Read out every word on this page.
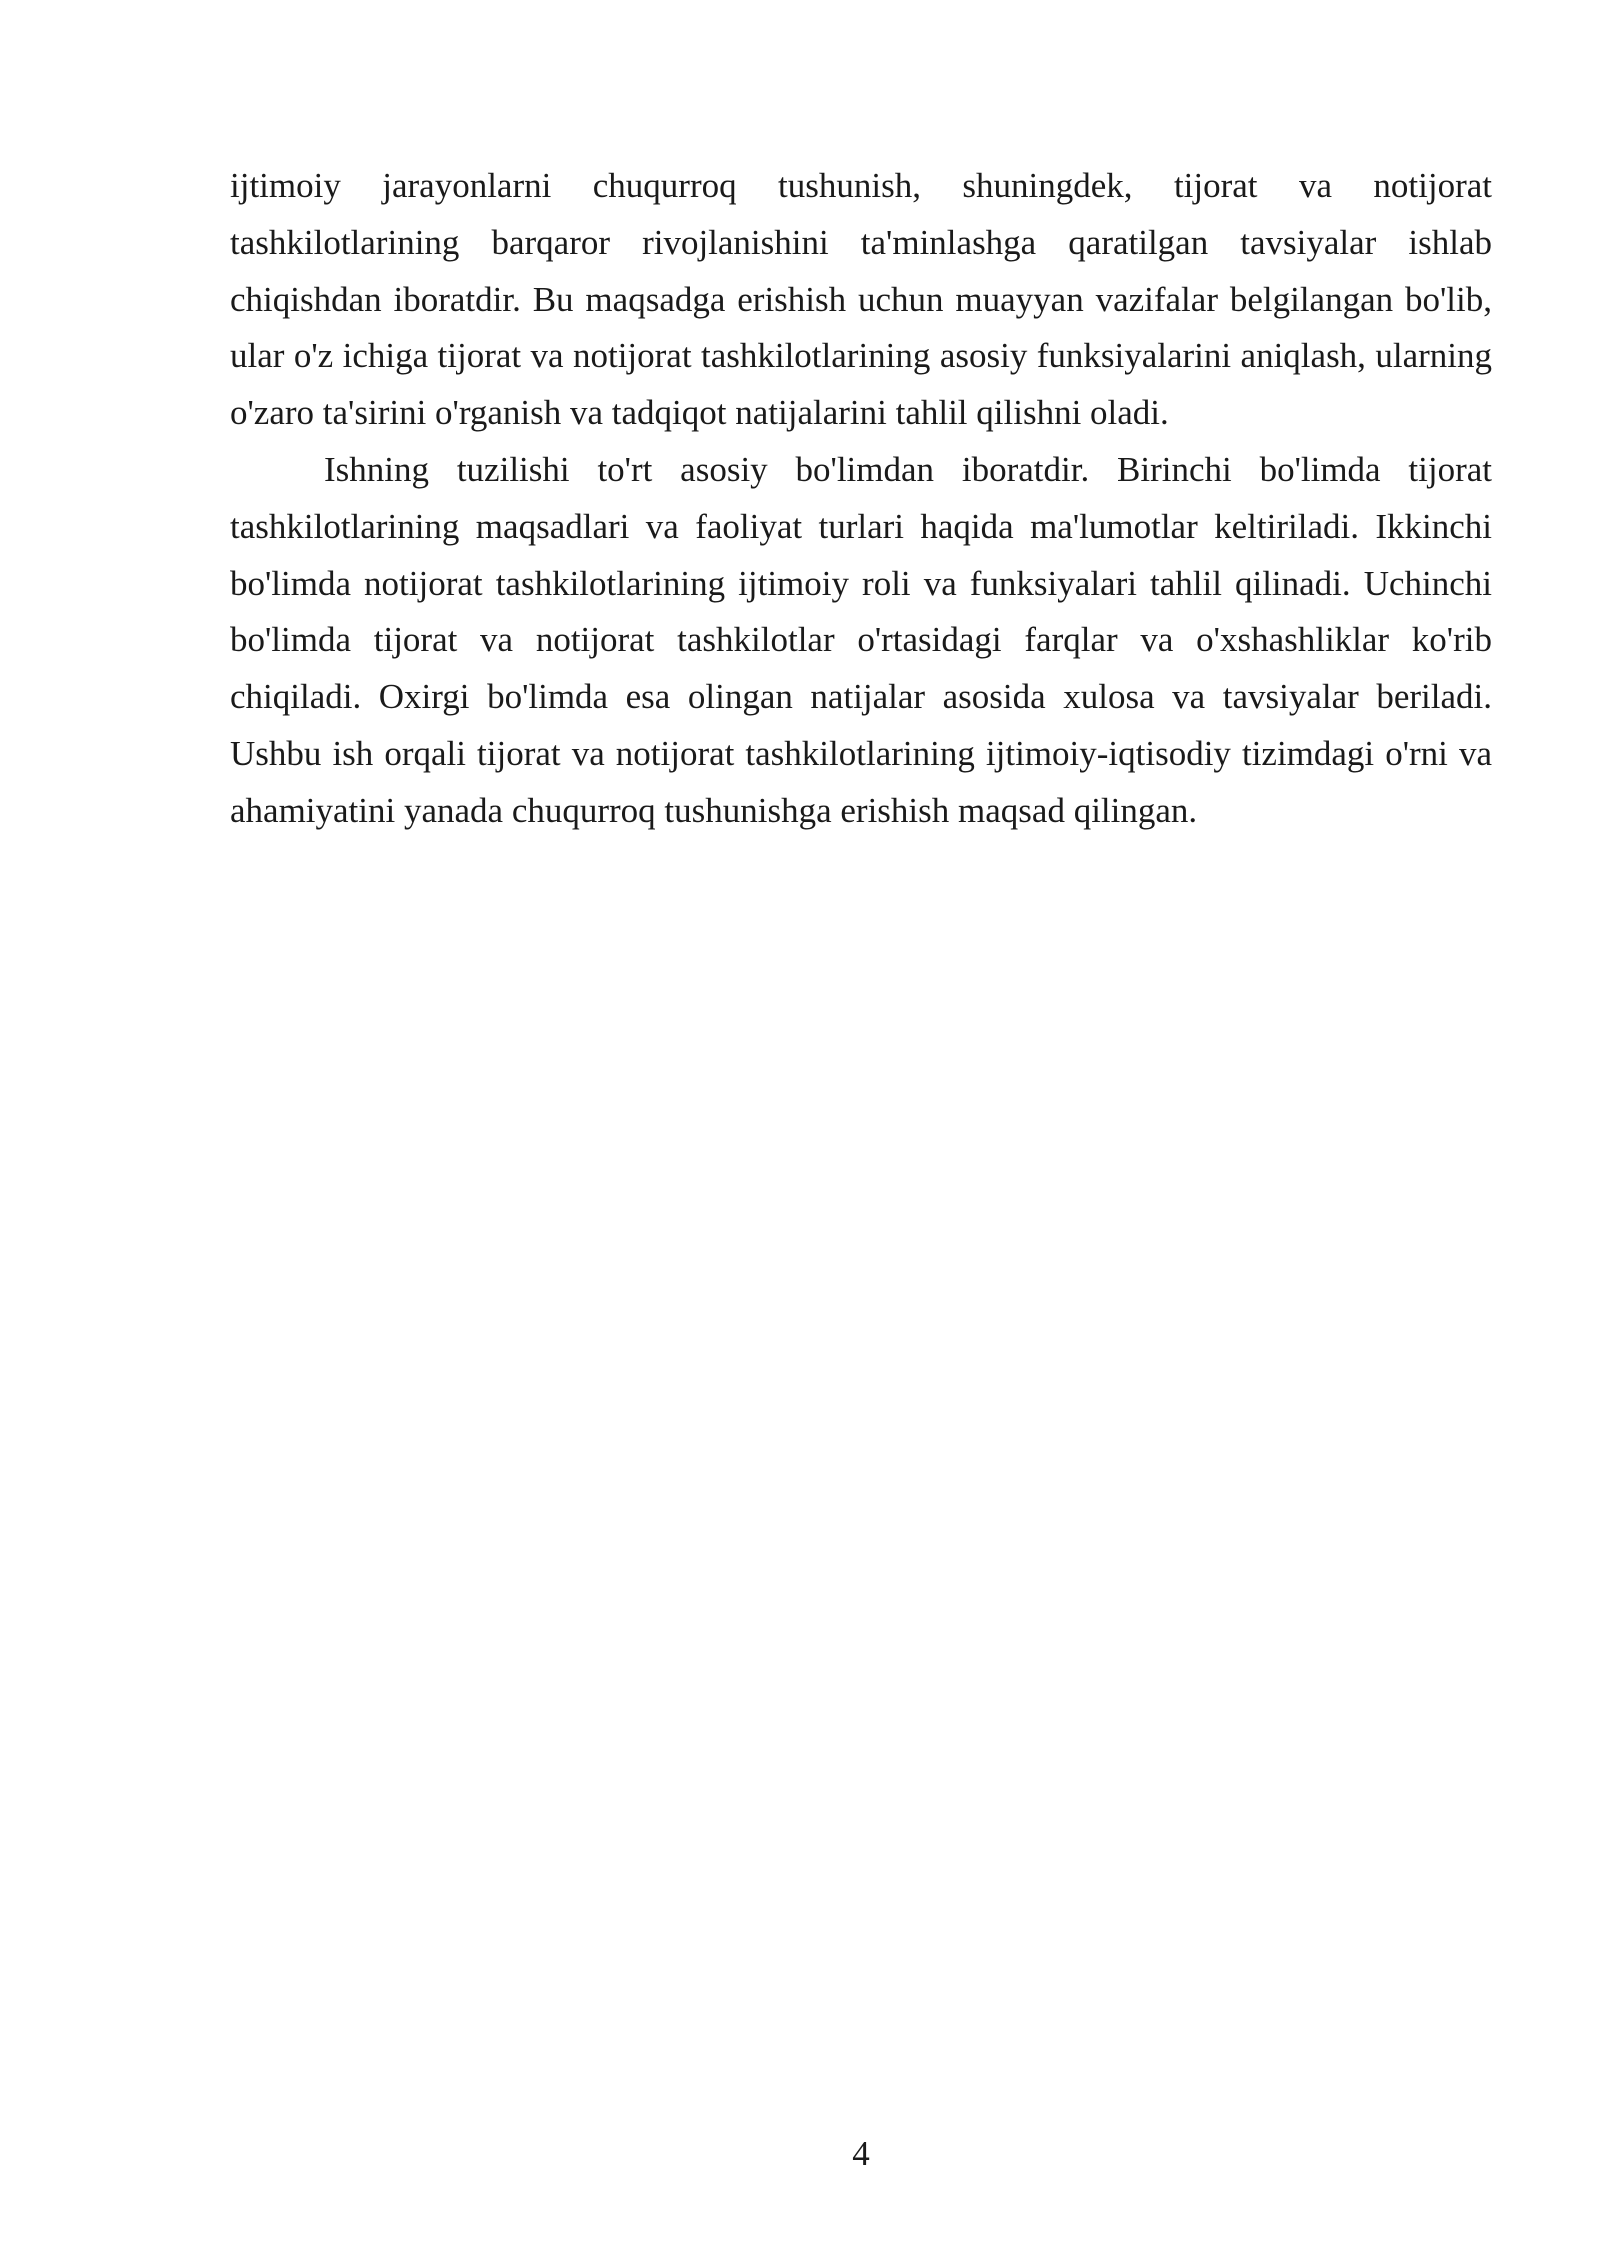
ijtimoiy jarayonlarni chuqurroq tushunish, shuningdek, tijorat va notijorat tashkilotlarining barqaror rivojlanishini ta'minlashga qaratilgan tavsiyalar ishlab chiqishdan iboratdir. Bu maqsadga erishish uchun muayyan vazifalar belgilangan bo'lib, ular o'z ichiga tijorat va notijorat tashkilotlarining asosiy funksiyalarini aniqlash, ularning o'zaro ta'sirini o'rganish va tadqiqot natijalarini tahlil qilishni oladi.

Ishning tuzilishi to'rt asosiy bo'limdan iboratdir. Birinchi bo'limda tijorat tashkilotlarining maqsadlari va faoliyat turlari haqida ma'lumotlar keltiriladi. Ikkinchi bo'limda notijorat tashkilotlarining ijtimoiy roli va funksiyalari tahlil qilinadi. Uchinchi bo'limda tijorat va notijorat tashkilotlar o'rtasidagi farqlar va o'xshashliklar ko'rib chiqiladi. Oxirgi bo'limda esa olingan natijalar asosida xulosa va tavsiyalar beriladi. Ushbu ish orqali tijorat va notijorat tashkilotlarining ijtimoiy-iqtisodiy tizimdagi o'rni va ahamiyatini yanada chuqurroq tushunishga erishish maqsad qilingan.

4
